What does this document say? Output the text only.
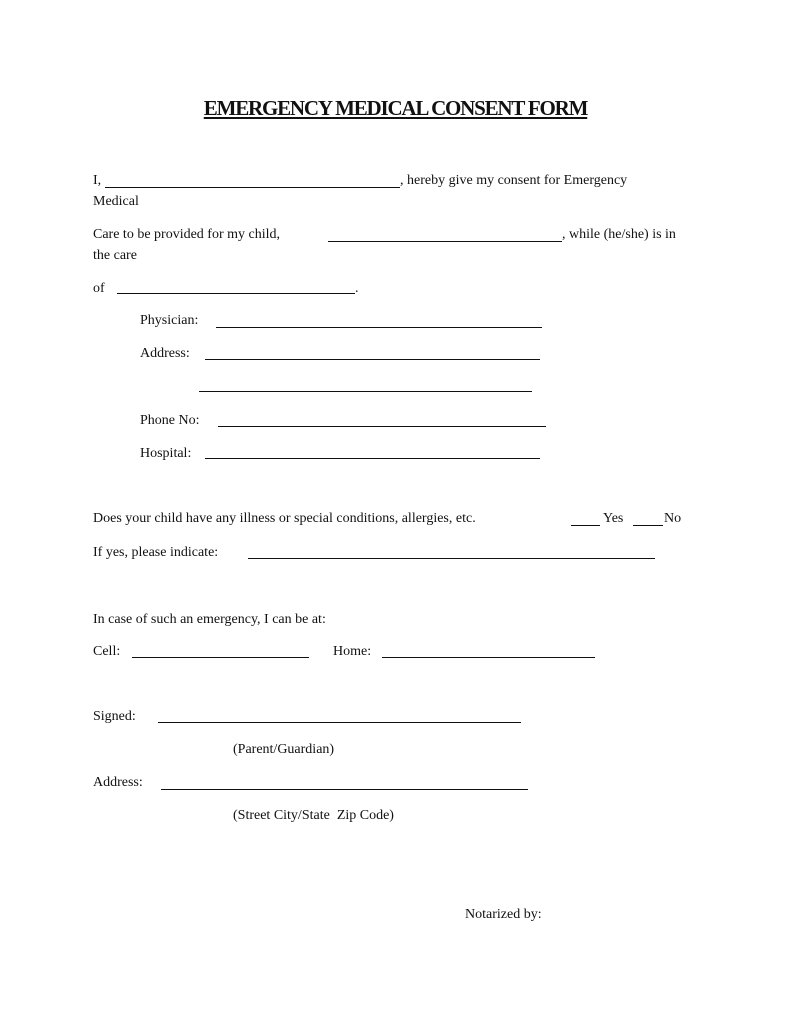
EMERGENCY MEDICAL CONSENT FORM
I,	, hereby give my consent for Emergency
Medical
Care to be provided for my child,	, while (he/she) is in
the care
of	.
Physician:
Address:
Phone No:
Hospital:
Does your child have any illness or special conditions, allergies, etc.	Yes	No
If yes, please indicate:
In case of such an emergency, I can be at:
Cell:	Home:
Signed:
(Parent/Guardian)
Address:
(Street City/State  Zip Code)
Notarized by:
